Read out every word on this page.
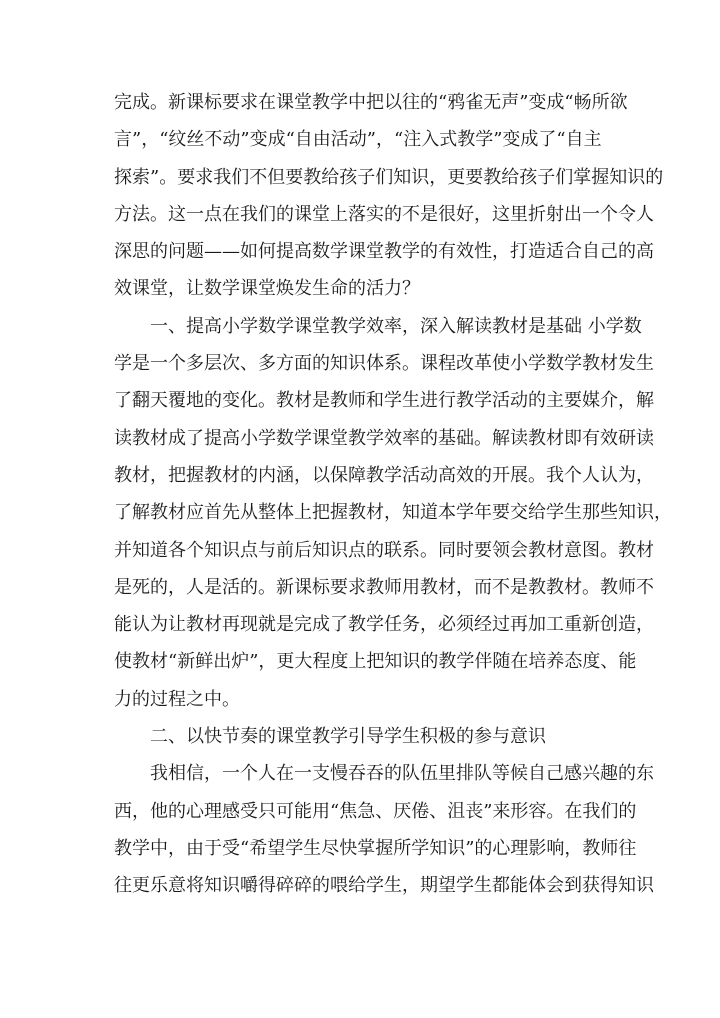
完成。新课标要求在课堂教学中把以往的“鸦雀无声”变成“畅所欲

言”，“纹丝不动”变成“自由活动”，“注入式教学”变成了“自主

探索”。要求我们不但要教给孩子们知识，更要教给孩子们掌握知识的

方法。这一点在我们的课堂上落实的不是很好，这里折射出一个令人

深思的问题——如何提高数学课堂教学的有效性，打造适合自己的高

效课堂，让数学课堂焕发生命的活力？

一、提高小学数学课堂教学效率，深入解读教材是基础 小学数

学是一个多层次、多方面的知识体系。课程改革使小学数学教材发生

了翻天覆地的变化。教材是教师和学生进行教学活动的主要媒介，解

读教材成了提高小学数学课堂教学效率的基础。解读教材即有效研读

教材，把握教材的内涵，以保障教学活动高效的开展。我个人认为，

了解教材应首先从整体上把握教材，知道本学年要交给学生那些知识，

并知道各个知识点与前后知识点的联系。同时要领会教材意图。教材

是死的，人是活的。新课标要求教师用教材，而不是教教材。教师不

能认为让教材再现就是完成了教学任务，必须经过再加工重新创造，

使教材“新鲜出炉”，更大程度上把知识的教学伴随在培养态度、能

力的过程之中。

二、以快节奏的课堂教学引导学生积极的参与意识

我相信，一个人在一支慢吞吞的队伍里排队等候自己感兴趣的东

西，他的心理感受只可能用“焦急、厌倦、沮丧”来形容。在我们的

教学中，由于受“希望学生尽快掌握所学知识”的心理影响，教师往

往更乐意将知识嚼得碎碎的喂给学生，期望学生都能体会到获得知识
